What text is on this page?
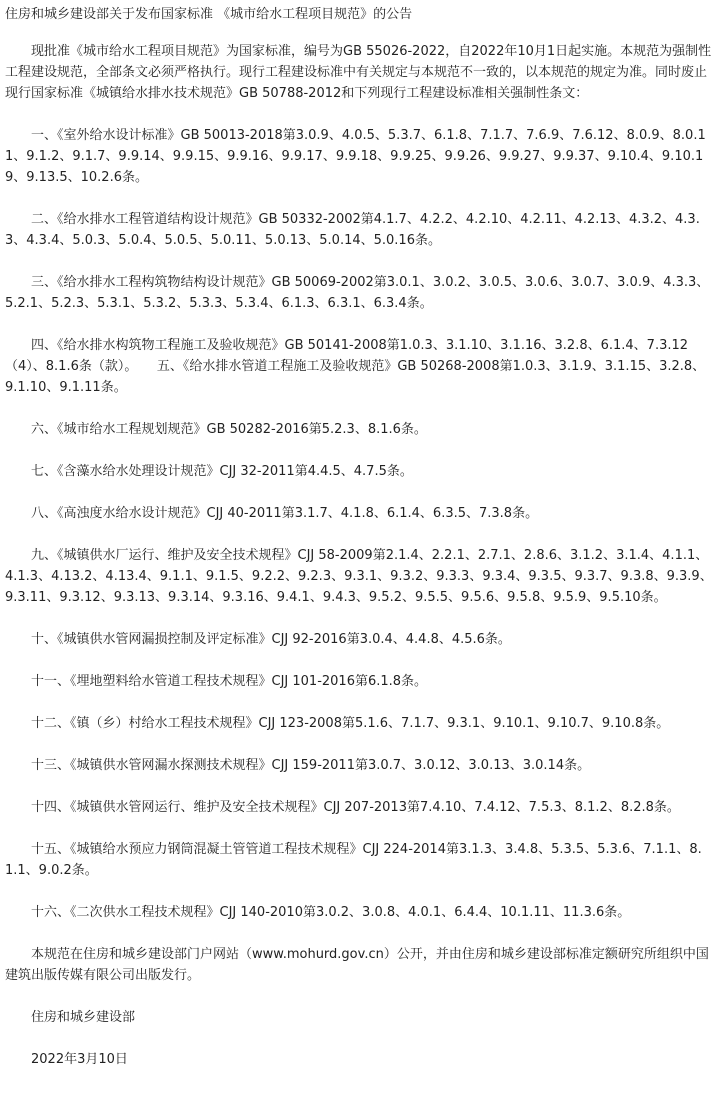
住房和城乡建设部关于发布国家标准 《城市给水工程项目规范》的公告

现批准《城市给水工程项目规范》为国家标准，编号为GB 55026-2022，自2022年10月1日起实施。本规范为强制性工程建设规范，全部条文必须严格执行。现行工程建设标准中有关规定与本规范不一致的，以本规范的规定为准。同时废止现行国家标准《城镇给水排水技术规范》GB 50788-2012和下列现行工程建设标准相关强制性条文：

一、《室外给水设计标准》GB 50013-2018第3.0.9、4.0.5、5.3.7、6.1.8、7.1.7、7.6.9、7.6.12、8.0.9、8.0.11、9.1.2、9.1.7、9.9.14、9.9.15、9.9.16、9.9.17、9.9.18、9.9.25、9.9.26、9.9.27、9.9.37、9.10.4、9.10.19、9.13.5、10.2.6条。

二、《给水排水工程管道结构设计规范》GB 50332-2002第4.1.7、4.2.2、4.2.10、4.2.11、4.2.13、4.3.2、4.3.3、4.3.4、5.0.3、5.0.4、5.0.5、5.0.11、5.0.13、5.0.14、5.0.16条。

三、《给水排水工程构筑物结构设计规范》GB 50069-2002第3.0.1、3.0.2、3.0.5、3.0.6、3.0.7、3.0.9、4.3.3、5.2.1、5.2.3、5.3.1、5.3.2、5.3.3、5.3.4、6.1.3、6.3.1、6.3.4条。

四、《给水排水构筑物工程施工及验收规范》GB 50141-2008第1.0.3、3.1.10、3.1.16、3.2.8、6.1.4、7.3.12（4）、8.1.6条（款）。　　五、《给水排水管道工程施工及验收规范》GB 50268-2008第1.0.3、3.1.9、3.1.15、3.2.8、9.1.10、9.1.11条。

六、《城市给水工程规划规范》GB 50282-2016第5.2.3、8.1.6条。

七、《含藻水给水处理设计规范》CJJ 32-2011第4.4.5、4.7.5条。

八、《高浊度水给水设计规范》CJJ 40-2011第3.1.7、4.1.8、6.1.4、6.3.5、7.3.8条。

九、《城镇供水厂运行、维护及安全技术规程》CJJ 58-2009第2.1.4、2.2.1、2.7.1、2.8.6、3.1.2、3.1.4、4.1.1、4.1.3、4.13.2、4.13.4、9.1.1、9.1.5、9.2.2、9.2.3、9.3.1、9.3.2、9.3.3、9.3.4、9.3.5、9.3.7、9.3.8、9.3.9、9.3.11、9.3.12、9.3.13、9.3.14、9.3.16、9.4.1、9.4.3、9.5.2、9.5.5、9.5.6、9.5.8、9.5.9、9.5.10条。

十、《城镇供水管网漏损控制及评定标准》CJJ 92-2016第3.0.4、4.4.8、4.5.6条。

十一、《埋地塑料给水管道工程技术规程》CJJ 101-2016第6.1.8条。

十二、《镇（乡）村给水工程技术规程》CJJ 123-2008第5.1.6、7.1.7、9.3.1、9.10.1、9.10.7、9.10.8条。

十三、《城镇供水管网漏水探测技术规程》CJJ 159-2011第3.0.7、3.0.12、3.0.13、3.0.14条。

十四、《城镇供水管网运行、维护及安全技术规程》CJJ 207-2013第7.4.10、7.4.12、7.5.3、8.1.2、8.2.8条。

十五、《城镇给水预应力钢筒混凝土管管道工程技术规程》CJJ 224-2014第3.1.3、3.4.8、5.3.5、5.3.6、7.1.1、8.1.1、9.0.2条。

十六、《二次供水工程技术规程》CJJ 140-2010第3.0.2、3.0.8、4.0.1、6.4.4、10.1.11、11.3.6条。

本规范在住房和城乡建设部门户网站（www.mohurd.gov.cn）公开，并由住房和城乡建设部标准定额研究所组织中国建筑出版传媒有限公司出版发行。

住房和城乡建设部

2022年3月10日
